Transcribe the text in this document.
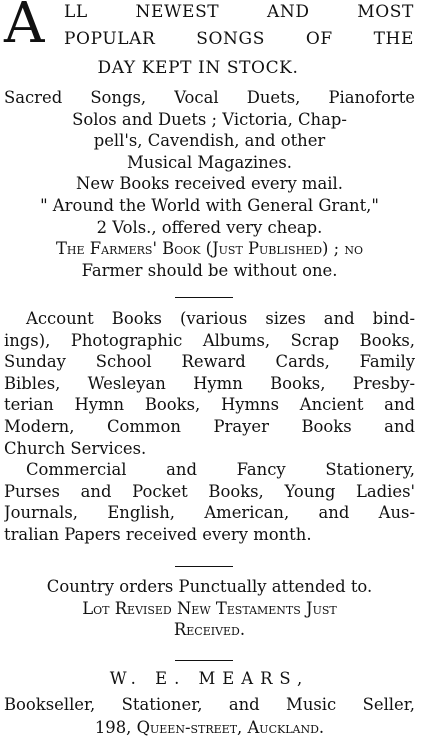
A LL NEWEST AND MOST
POPULAR SONGS OF THE
DAY KEPT IN STOCK.
Sacred Songs, Vocal Duets, Pianoforte
Solos and Duets ; Victoria, Chap-
pell's, Cavendish, and other
Musical Magazines.
New Books received every mail.
" Around the World with General Grant,"
2 Vols., offered very cheap.
The Farmers' Book (Just Published) ; no
Farmer should be without one.
Account Books (various sizes and bind-
ings), Photographic Albums, Scrap Books,
Sunday School Reward Cards, Family
Bibles, Wesleyan Hymn Books, Presby-
terian Hymn Books, Hymns Ancient and
Modern, Common Prayer Books and
Church Services.
Commercial and Fancy Stationery,
Purses and Pocket Books, Young Ladies'
Journals, English, American, and Aus-
tralian Papers received every month.
Country orders Punctually attended to.
Lot Revised New Testaments Just
Received.
W. E. MEARS,
Bookseller, Stationer, and Music Seller,
198, Queen-street, Auckland.
